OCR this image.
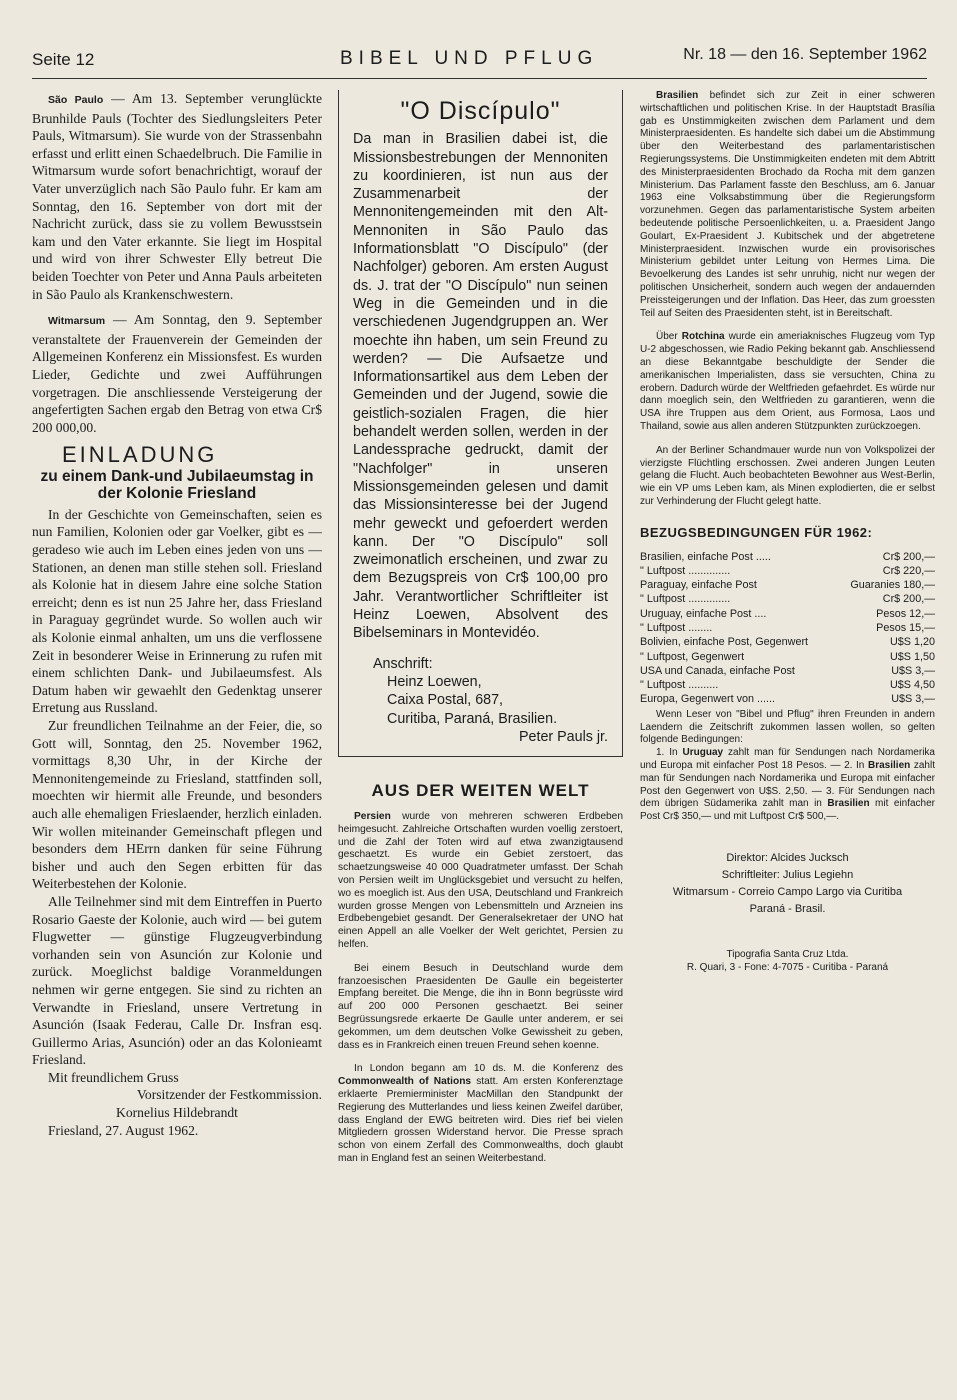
Seite 12	BIBEL UND PFLUG	Nr. 18 — den 16. September 1962

São Paulo — Am 13. September verunglückte Brunhilde Pauls (Tochter des Siedlungsleiters Peter Pauls, Witmarsum). Sie wurde von der Strassenbahn erfasst und erlitt einen Schaedelbruch. Die Familie in Witmarsum wurde sofort benachrichtigt, worauf der Vater unverzüglich nach São Paulo fuhr. Er kam am Sonntag, den 16. September von dort mit der Nachricht zurück, dass sie zu vollem Bewusstsein kam und den Vater erkannte. Sie liegt im Hospital und wird von ihrer Schwester Elly betreut Die beiden Toechter von Peter und Anna Pauls arbeiteten in São Paulo als Krankenschwestern.

Witmarsum — Am Sonntag, den 9. September veranstaltete der Frauenverein der Gemeinden der Allgemeinen Konferenz ein Missionsfest. Es wurden Lieder, Gedichte und zwei Aufführungen vorgetragen. Die anschliessende Versteigerung der angefertigten Sachen ergab den Betrag von etwa Cr$ 200 000,00.

EINLADUNG
zu einem Dank-und Jubilaeumstag in der Kolonie Friesland

In der Geschichte von Gemeinschaften, seien es nun Familien, Kolonien oder gar Voelker, gibt es — geradeso wie auch im Leben eines jeden von uns — Stationen, an denen man stille stehen soll. Friesland als Kolonie hat in diesem Jahre eine solche Station erreicht; denn es ist nun 25 Jahre her, dass Friesland in Paraguay gegründet wurde. So wollen auch wir als Kolonie einmal anhalten, um uns die verflossene Zeit in besonderer Weise in Erinnerung zu rufen mit einem schlichten Dank- und Jubilaeumsfest. Als Datum haben wir gewaehlt den Gedenktag unserer Erretung aus Russland.

Zur freundlichen Teilnahme an der Feier, die, so Gott will, Sonntag, den 25. November 1962, vormittags 8,30 Uhr, in der Kirche der Mennonitengemeinde zu Friesland, stattfinden soll, moechten wir hiermit alle Freunde, und besonders auch alle ehemaligen Frieslaender, herzlich einladen. Wir wollen miteinander Gemeinschaft pflegen und besonders dem HErrn danken für seine Führung bisher und auch den Segen erbitten für das Weiterbestehen der Kolonie.

Alle Teilnehmer sind mit dem Eintreffen in Puerto Rosario Gaeste der Kolonie, auch wird — bei gutem Flugwetter — günstige Flugzeugverbindung vorhanden sein von Asunción zur Kolonie und zurück. Moeglichst baldige Voranmeldungen nehmen wir gerne entgegen. Sie sind zu richten an Verwandte in Friesland, unsere Vertretung in Asunción (Isaak Federau, Calle Dr. Insfran esq. Guillermo Arias, Asunción) oder an das Kolonieamt Friesland.

Mit freundlichem Gruss

Vorsitzender der Festkommission.

Kornelius Hildebrandt

Friesland, 27. August 1962.

"O Discípulo"

Da man in Brasilien dabei ist, die Missionsbestrebungen der Mennoniten zu koordinieren, ist nun aus der Zusammenarbeit der Mennonitengemeinden mit den Alt-Mennoniten in São Paulo das Informationsblatt "O Discípulo" (der Nachfolger) geboren. Am ersten August ds. J. trat der "O Discípulo" nun seinen Weg in die Gemeinden und in die verschiedenen Jugendgruppen an. Wer moechte ihn haben, um sein Freund zu werden? — Die Aufsaetze und Informationsartikel aus dem Leben der Gemeinden und der Jugend, sowie die geistlich-sozialen Fragen, die hier behandelt werden sollen, werden in der Landessprache gedruckt, damit der "Nachfolger" in unseren Missionsgemeinden gelesen und damit das Missionsinteresse bei der Jugend mehr geweckt und gefoerdert werden kann. Der "O Discípulo" soll zweimonatlich erscheinen, und zwar zu dem Bezugspreis von Cr$ 100,00 pro Jahr. Verantwortlicher Schriftleiter ist Heinz Loewen, Absolvent des Bibelseminars in Montevidéo.

Anschrift:

Heinz Loewen,

Caixa Postal, 687,

Curitiba, Paraná, Brasilien.

Peter Pauls jr.

AUS DER WEITEN WELT

Persien wurde von mehreren schweren Erdbeben heimgesucht. Zahlreiche Ortschaften wurden voellig zerstoert, und die Zahl der Toten wird auf etwa zwanzigtausend geschaetzt. Es wurde ein Gebiet zerstoert, das schaetzungsweise 40 000 Quadratmeter umfasst. Der Schah von Persien weilt im Unglücksgebiet und versucht zu helfen, wo es moeglich ist. Aus den USA, Deutschland und Frankreich wurden grosse Mengen von Lebensmitteln und Arzneien ins Erdbebengebiet gesandt. Der Generalsekretaer der UNO hat einen Appell an alle Voelker der Welt gerichtet, Persien zu helfen.

Bei einem Besuch in Deutschland wurde dem franzoesischen Praesidenten De Gaulle ein begeisterter Empfang bereitet. Die Menge, die ihn in Bonn begrüsste wird auf 200 000 Personen geschaetzt. Bei seiner Begrüssungsrede erkaerte De Gaulle unter anderem, er sei gekommen, um dem deutschen Volke Gewissheit zu geben, dass es in Frankreich einen treuen Freund sehen koenne.

In London begann am 10 ds. M. die Konferenz des Commonwealth of Nations statt. Am ersten Konferenztage erklaerte Premierminister MacMillan den Standpunkt der Regierung des Mutterlandes und liess keinen Zweifel darüber, dass England der EWG beitreten wird. Dies rief bei vielen Mitgliedern grossen Widerstand hervor. Die Presse sprach schon von einem Zerfall des Commonwealths, doch glaubt man in England fest an seinen Weiterbestand.

Brasilien befindet sich zur Zeit in einer schweren wirtschaftlichen und politischen Krise. In der Hauptstadt Brasília gab es Unstimmigkeiten zwischen dem Parlament und dem Ministerpraesidenten. Es handelte sich dabei um die Abstimmung über den Weiterbestand des parlamentaristischen Regierungssystems. Die Unstimmigkeiten endeten mit dem Abtritt des Ministerpraesidenten Brochado da Rocha mit dem ganzen Ministerium. Das Parlament fasste den Beschluss, am 6. Januar 1963 eine Volksabstimmung über die Regierungsform vorzunehmen. Gegen das parlamentaristische System arbeiten bedeutende politische Persoenlichkeiten, u. a. Praesident Jango Goulart, Ex-Praesident J. Kubitschek und der abgetretene Ministerpraesident. Inzwischen wurde ein provisorisches Ministerium gebildet unter Leitung von Hermes Lima. Die Bevoelkerung des Landes ist sehr unruhig, nicht nur wegen der politischen Unsicherheit, sondern auch wegen der andauernden Preissteigerungen und der Inflation. Das Heer, das zum groessten Teil auf Seiten des Praesidenten steht, ist in Bereitschaft.

Über Rotchina wurde ein ameriaknisches Flugzeug vom Typ U-2 abgeschossen, wie Radio Peking bekannt gab. Anschliessend an diese Bekanntgabe beschuldigte der Sender die amerikanischen Imperialisten, dass sie versuchten, China zu erobern. Dadurch würde der Weltfrieden gefaehrdet. Es würde nur dann moeglich sein, den Weltfrieden zu garantieren, wenn die USA ihre Truppen aus dem Orient, aus Formosa, Laos und Thailand, sowie aus allen anderen Stützpunkten zurückzoegen.

An der Berliner Schandmauer wurde nun von Volkspolizei der vierzigste Flüchtling erschossen. Zwei anderen Jungen Leuten gelang die Flucht. Auch beobachteten Bewohner aus West-Berlin, wie ein VP ums Leben kam, als Minen explodierten, die er selbst zur Verhinderung der Flucht gelegt hatte.

BEZUGSBEDINGUNGEN FÜR 1962:
Brasilien, einfache Post .....	Cr$ 200,—
" Luftpost ..............	Cr$ 220,—
Paraguay, einfache Post	Guaranies 180,—
" Luftpost ..............	Cr$ 200,—
Uruguay, einfache Post ....	Pesos 12,—
" Luftpost ........	Pesos 15,—
Bolivien, einfache Post, Gegenwert	U$S 1,20
" Luftpost, Gegenwert	U$S 1,50
USA und Canada, einfache Post	U$S 3,—
" Luftpost ..........	U$S 4,50
Europa, Gegenwert von ......	U$S 3,—

Wenn Leser von "Bibel und Pflug" ihren Freunden in andern Laendern die Zeitschrift zukommen lassen wollen, so gelten folgende Bedingungen:

1. In Uruguay zahlt man für Sendungen nach Nordamerika und Europa mit einfacher Post 18 Pesos. — 2. In Brasilien zahlt man für Sendungen nach Nordamerika und Europa mit einfacher Post den Gegenwert von U$S. 2,50. — 3. Für Sendungen nach dem übrigen Südamerika zahlt man in Brasilien mit einfacher Post Cr$ 350,— und mit Luftpost Cr$ 500,—.

Direktor: Alcides Jucksch

Schriftleiter: Julius Legiehn

Witmarsum - Correio Campo Largo via Curitiba

Paraná - Brasil.

Tipografia Santa Cruz Ltda.

R. Quari, 3 - Fone: 4-7075 - Curitiba - Paraná
